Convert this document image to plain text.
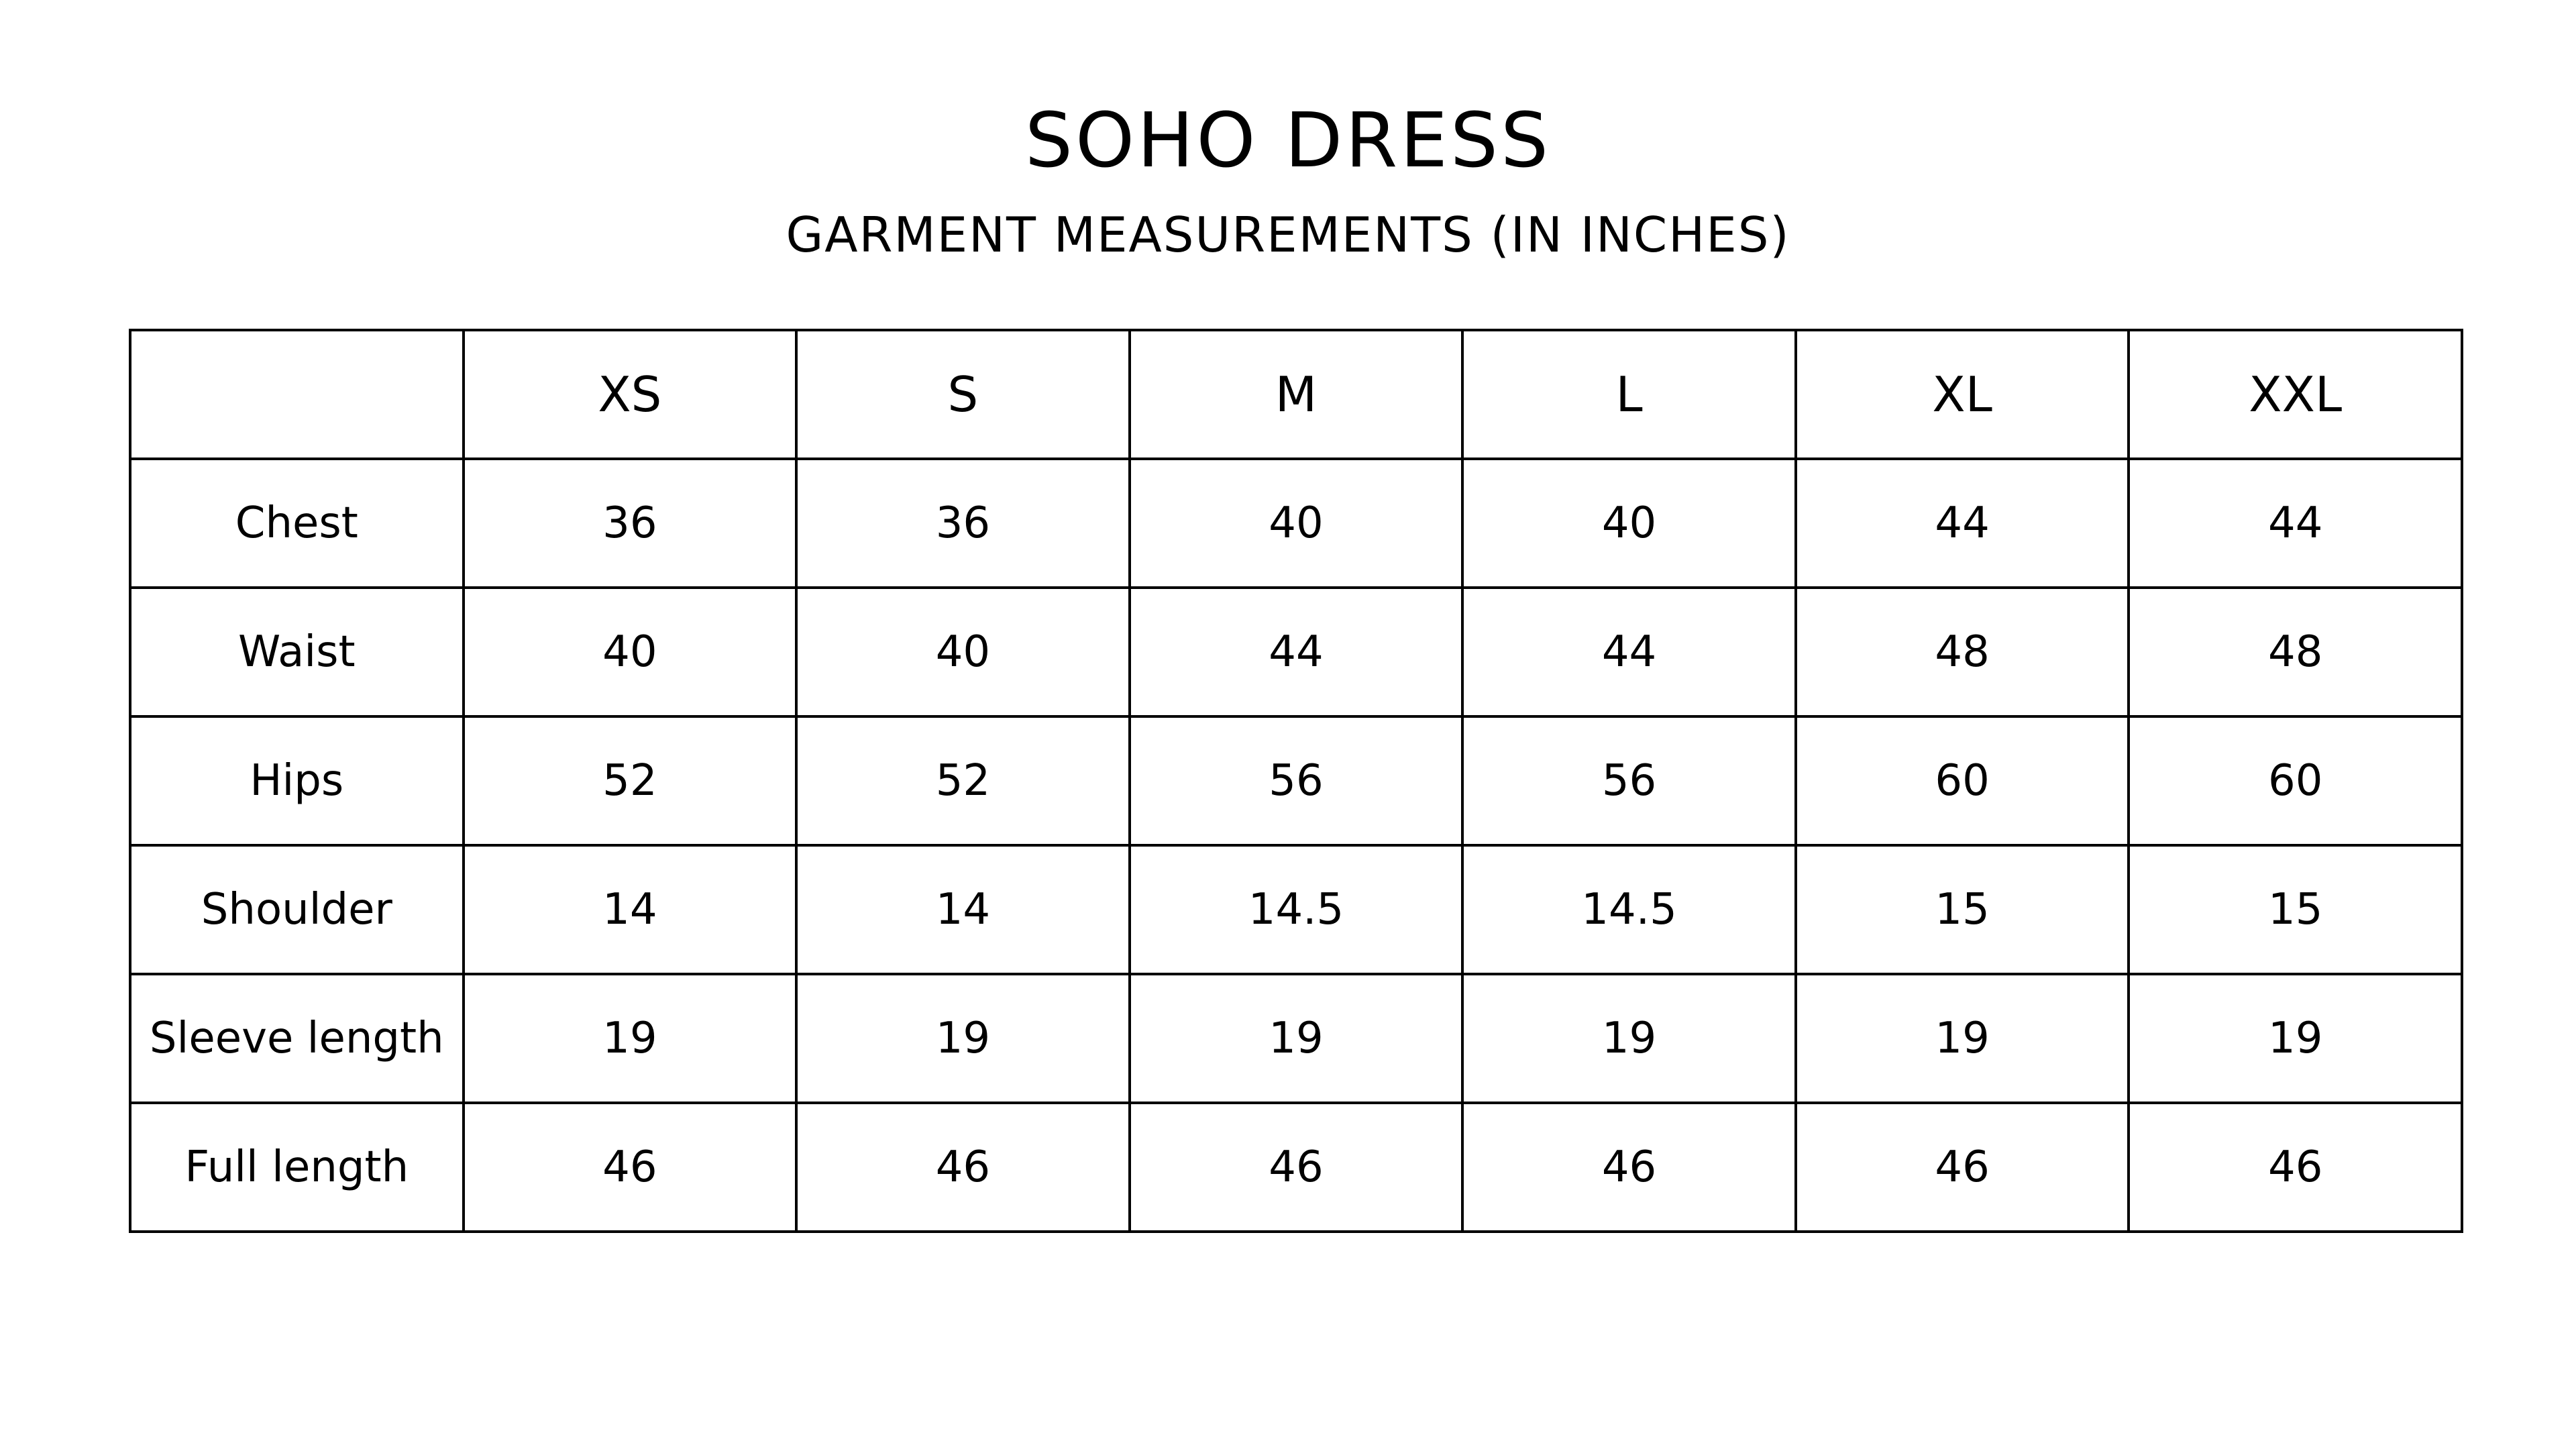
SOHO DRESS
GARMENT MEASUREMENTS (IN INCHES)
	XS	S	M	L	XL	XXL
Chest	36	36	40	40	44	44
Waist	40	40	44	44	48	48
Hips	52	52	56	56	60	60
Shoulder	14	14	14.5	14.5	15	15
Sleeve length	19	19	19	19	19	19
Full length	46	46	46	46	46	46
